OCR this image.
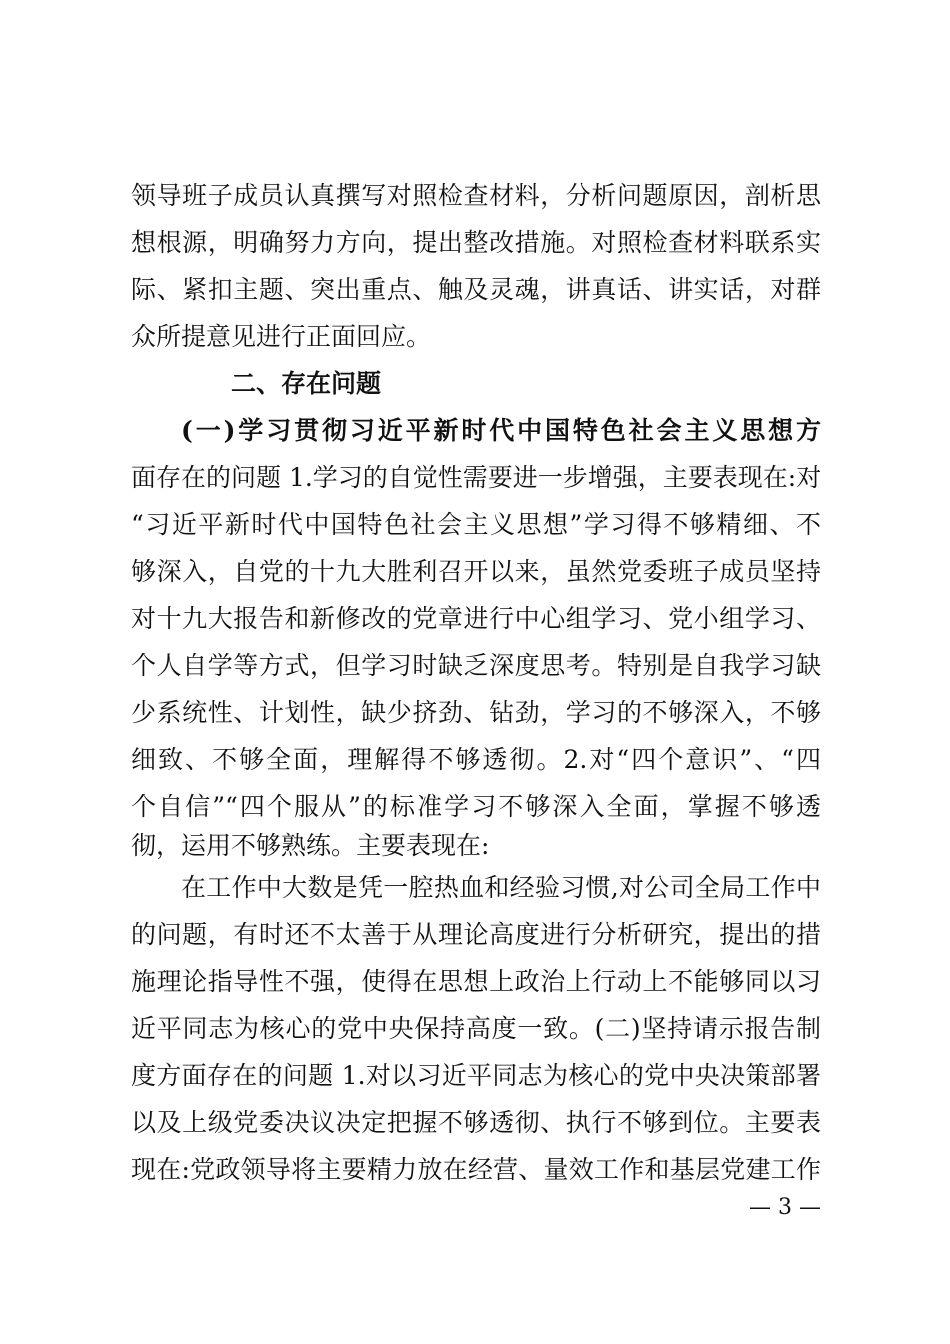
领导班子成员认真撰写对照检查材料，分析问题原因，剖析思
想根源，明确努力方向，提出整改措施。对照检查材料联系实
际、紧扣主题、突出重点、触及灵魂，讲真话、讲实话，对群
众所提意见进行正面回应。
二、存在问题
(一)学习贯彻习近平新时代中国特色社会主义思想方
面存在的问题 1.学习的自觉性需要进一步增强，主要表现在:对
“习近平新时代中国特色社会主义思想”学习得不够精细、不
够深入，自党的十九大胜利召开以来，虽然党委班子成员坚持
对十九大报告和新修改的党章进行中心组学习、党小组学习、
个人自学等方式，但学习时缺乏深度思考。特别是自我学习缺
少系统性、计划性，缺少挤劲、钻劲，学习的不够深入，不够
细致、不够全面，理解得不够透彻。2.对“四个意识”、“四
个自信”“四个服从”的标准学习不够深入全面，掌握不够透
彻，运用不够熟练。主要表现在:
在工作中大数是凭一腔热血和经验习惯,对公司全局工作中
的问题，有时还不太善于从理论高度进行分析研究，提出的措
施理论指导性不强，使得在思想上政治上行动上不能够同以习
近平同志为核心的党中央保持高度一致。(二)坚持请示报告制
度方面存在的问题 1.对以习近平同志为核心的党中央决策部署
以及上级党委决议决定把握不够透彻、执行不够到位。主要表
现在:党政领导将主要精力放在经营、量效工作和基层党建工作
— 3 —
